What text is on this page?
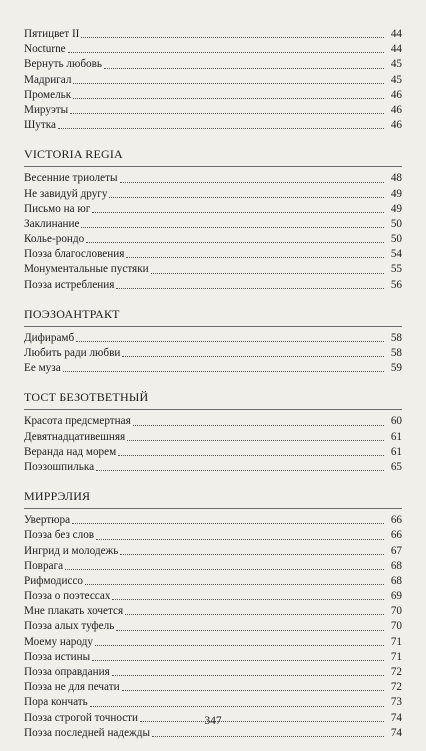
Пятицвет II	44
Nocturne	44
Вернуть любовь	45
Мадригал	45
Промельк	46
Мируэты	46
Шутка	46
VICTORIA REGIA
Весенние триолеты	48
Не завидуй другу	49
Письмо на юг	49
Заклинание	50
Колье-рондо	50
Поэза благословения	54
Монументальные пустяки	55
Поэза истребления	56
ПОЭЗОАНТРАКТ
Дифирамб	58
Любить ради любви	58
Ее муза	59
ТОСТ БЕЗОТВЕТНЫЙ
Красота предсмертная	60
Девятнадцативешняя	61
Веранда над морем	61
Поэзошпилька	65
МИРРЭЛИЯ
Увертюра	66
Поэза без слов	66
Ингрид и молодежь	67
Поврага	68
Рифмодиссо	68
Поэза о поэтессах	69
Мне плакать хочется	70
Поэза алых туфель	70
Моему народу	71
Поэза истины	71
Поэза оправдания	72
Поэза не для печати	72
Пора кончать	73
Поэза строгой точности	74
Поэза последней надежды	74
347
